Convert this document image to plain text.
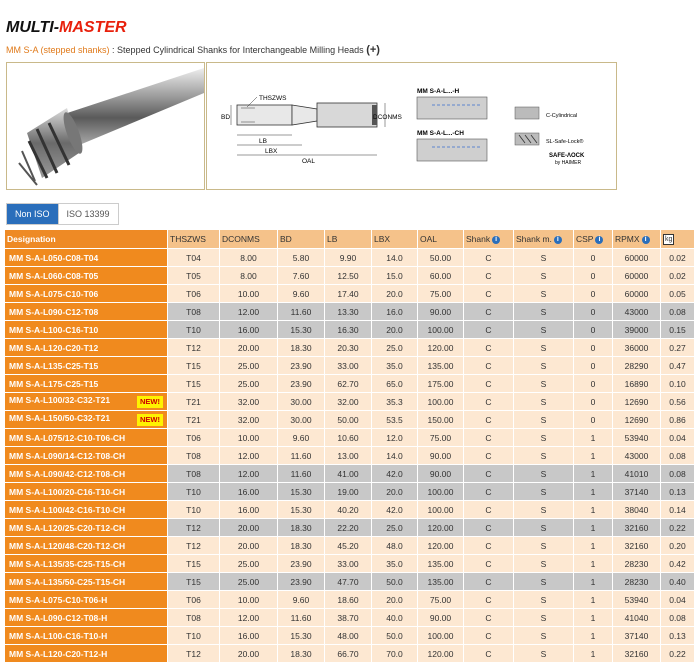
MULTI-MASTER
MM S-A (stepped shanks) : Stepped Cylindrical Shanks for Interchangeable Milling Heads (+)
THSZWS
BD
LB
LBX
OAL
DCONMS
MM S-A-L...-H
MM S-A-L...-CH
C-Cylindrical
SL-Safe-Lock®
SAFE-ΛOCK
by HAIMER
Non ISO	ISO 13399
Designation	THSZWS	DCONMS	BD	LB	LBX	OAL	Shank i	Shank m. i	CSP i	RPMX i	kg
MM S-A-L050-C08-T04	T04	8.00	5.80	9.90	14.0	50.00	C	S	0	60000	0.02
MM S-A-L060-C08-T05	T05	8.00	7.60	12.50	15.0	60.00	C	S	0	60000	0.02
MM S-A-L075-C10-T06	T06	10.00	9.60	17.40	20.0	75.00	C	S	0	60000	0.05
MM S-A-L090-C12-T08	T08	12.00	11.60	13.30	16.0	90.00	C	S	0	43000	0.08
MM S-A-L100-C16-T10	T10	16.00	15.30	16.30	20.0	100.00	C	S	0	39000	0.15
MM S-A-L120-C20-T12	T12	20.00	18.30	20.30	25.0	120.00	C	S	0	36000	0.27
MM S-A-L135-C25-T15	T15	25.00	23.90	33.00	35.0	135.00	C	S	0	28290	0.47
MM S-A-L175-C25-T15	T15	25.00	23.90	62.70	65.0	175.00	C	S	0	16890	0.10
MM S-A-L100/32-C32-T21 NEW!	T21	32.00	30.00	32.00	35.3	100.00	C	S	0	12690	0.56
MM S-A-L150/50-C32-T21 NEW!	T21	32.00	30.00	50.00	53.5	150.00	C	S	0	12690	0.86
MM S-A-L075/12-C10-T06-CH	T06	10.00	9.60	10.60	12.0	75.00	C	S	1	53940	0.04
MM S-A-L090/14-C12-T08-CH	T08	12.00	11.60	13.00	14.0	90.00	C	S	1	43000	0.08
MM S-A-L090/42-C12-T08-CH	T08	12.00	11.60	41.00	42.0	90.00	C	S	1	41010	0.08
MM S-A-L100/20-C16-T10-CH	T10	16.00	15.30	19.00	20.0	100.00	C	S	1	37140	0.13
MM S-A-L100/42-C16-T10-CH	T10	16.00	15.30	40.20	42.0	100.00	C	S	1	38040	0.14
MM S-A-L120/25-C20-T12-CH	T12	20.00	18.30	22.20	25.0	120.00	C	S	1	32160	0.22
MM S-A-L120/48-C20-T12-CH	T12	20.00	18.30	45.20	48.0	120.00	C	S	1	32160	0.20
MM S-A-L135/35-C25-T15-CH	T15	25.00	23.90	33.00	35.0	135.00	C	S	1	28230	0.42
MM S-A-L135/50-C25-T15-CH	T15	25.00	23.90	47.70	50.0	135.00	C	S	1	28230	0.40
MM S-A-L075-C10-T06-H	T06	10.00	9.60	18.60	20.0	75.00	C	S	1	53940	0.04
MM S-A-L090-C12-T08-H	T08	12.00	11.60	38.70	40.0	90.00	C	S	1	41040	0.08
MM S-A-L100-C16-T10-H	T10	16.00	15.30	48.00	50.0	100.00	C	S	1	37140	0.13
MM S-A-L120-C20-T12-H	T12	20.00	18.30	66.70	70.0	120.00	C	S	1	32160	0.22
